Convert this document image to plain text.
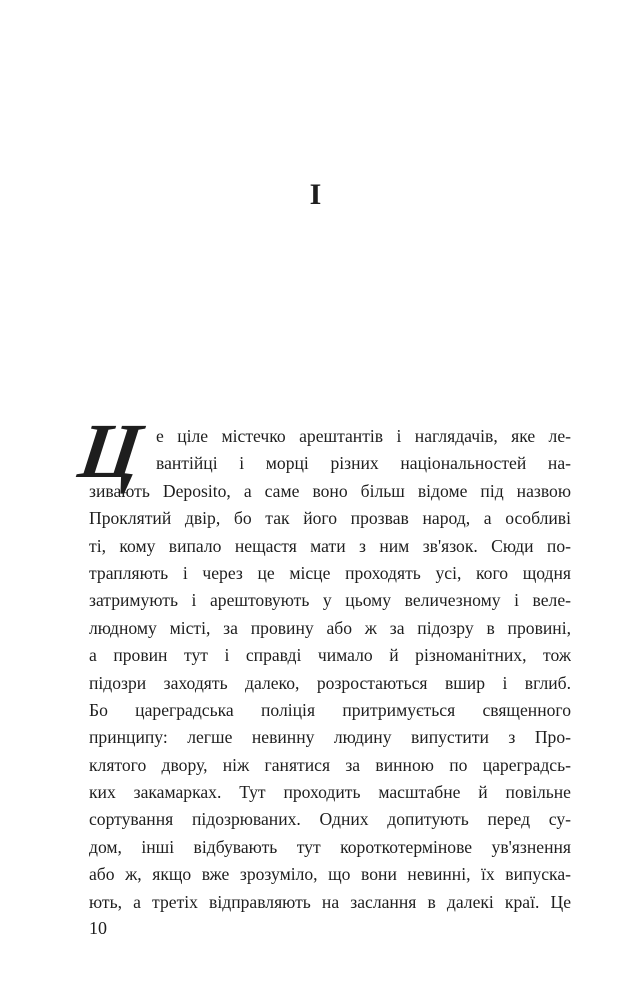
І
Ц е ціле містечко арештантів і наглядачів, яке ле-
вантійці і морці різних національностей на-
зивають Deposito, а саме воно більш відоме під назвою
Проклятий двір, бо так його прозвав народ, а особливі
ті, кому випало нещастя мати з ним зв'язок. Сюди по-
трапляють і через це місце проходять усі, кого щодня
затримують і арештовують у цьому величезному і веле-
людному місті, за провину або ж за підозру в провині,
а провин тут і справді чимало й різноманітних, тож
підозри заходять далеко, розростаються вшир і вглиб.
Бо цареградська поліція притримується священного
принципу: легше невинну людину випустити з Про-
клятого двору, ніж ганятися за винною по цареградсь-
ких закамарках. Тут проходить масштабне й повільне
сортування підозрюваних. Одних допитують перед су-
дом, інші відбувають тут короткотермінове ув'язнення
або ж, якщо вже зрозуміло, що вони невинні, їх випуска-
ють, а третіх відправляють на заслання в далекі краї. Це
10
